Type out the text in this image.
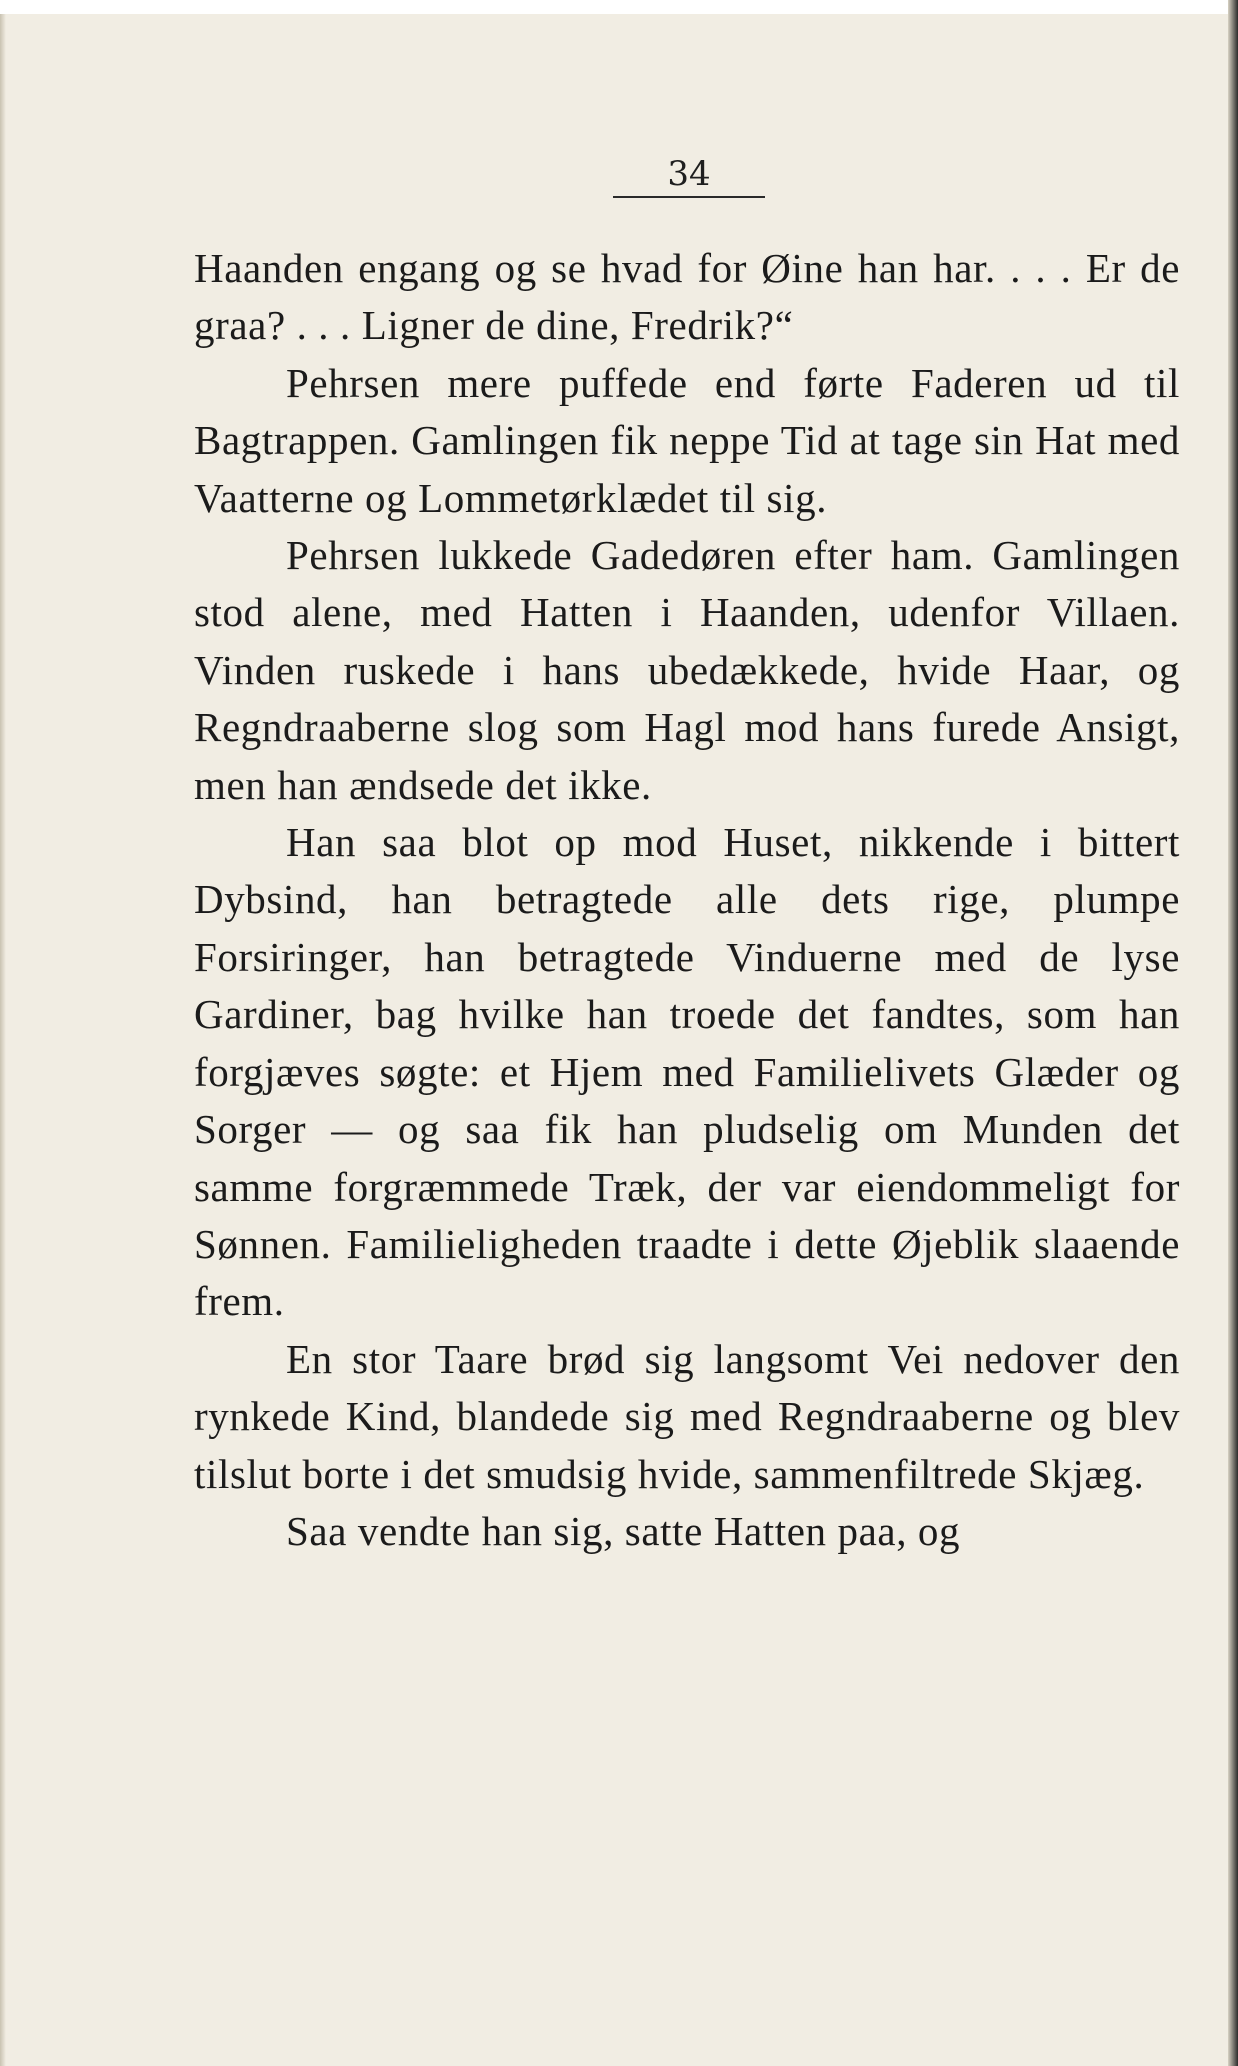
34

Haanden engang og se hvad for Øine han har. . . . Er de graa? . . . Ligner de dine, Fredrik?“

Pehrsen mere puffede end førte Faderen ud til Bagtrappen. Gamlingen fik neppe Tid at tage sin Hat med Vaatterne og Lommetørklædet til sig.

Pehrsen lukkede Gadedøren efter ham. Gamlingen stod alene, med Hatten i Haanden, udenfor Villaen. Vinden ruskede i hans ubedækkede, hvide Haar, og Regndraaberne slog som Hagl mod hans furede Ansigt, men han ændsede det ikke.

Han saa blot op mod Huset, nikkende i bittert Dybsind, han betragtede alle dets rige, plumpe Forsiringer, han betragtede Vinduerne med de lyse Gardiner, bag hvilke han troede det fandtes, som han forgjæves søgte: et Hjem med Familielivets Glæder og Sorger — og saa fik han pludselig om Munden det samme forgræmmede Træk, der var eiendommeligt for Sønnen. Familieligheden traadte i dette Øjeblik slaaende frem.

En stor Taare brød sig langsomt Vei nedover den rynkede Kind, blandede sig med Regndraaberne og blev tilslut borte i det smudsig hvide, sammenfiltrede Skjæg.

Saa vendte han sig, satte Hatten paa, og
